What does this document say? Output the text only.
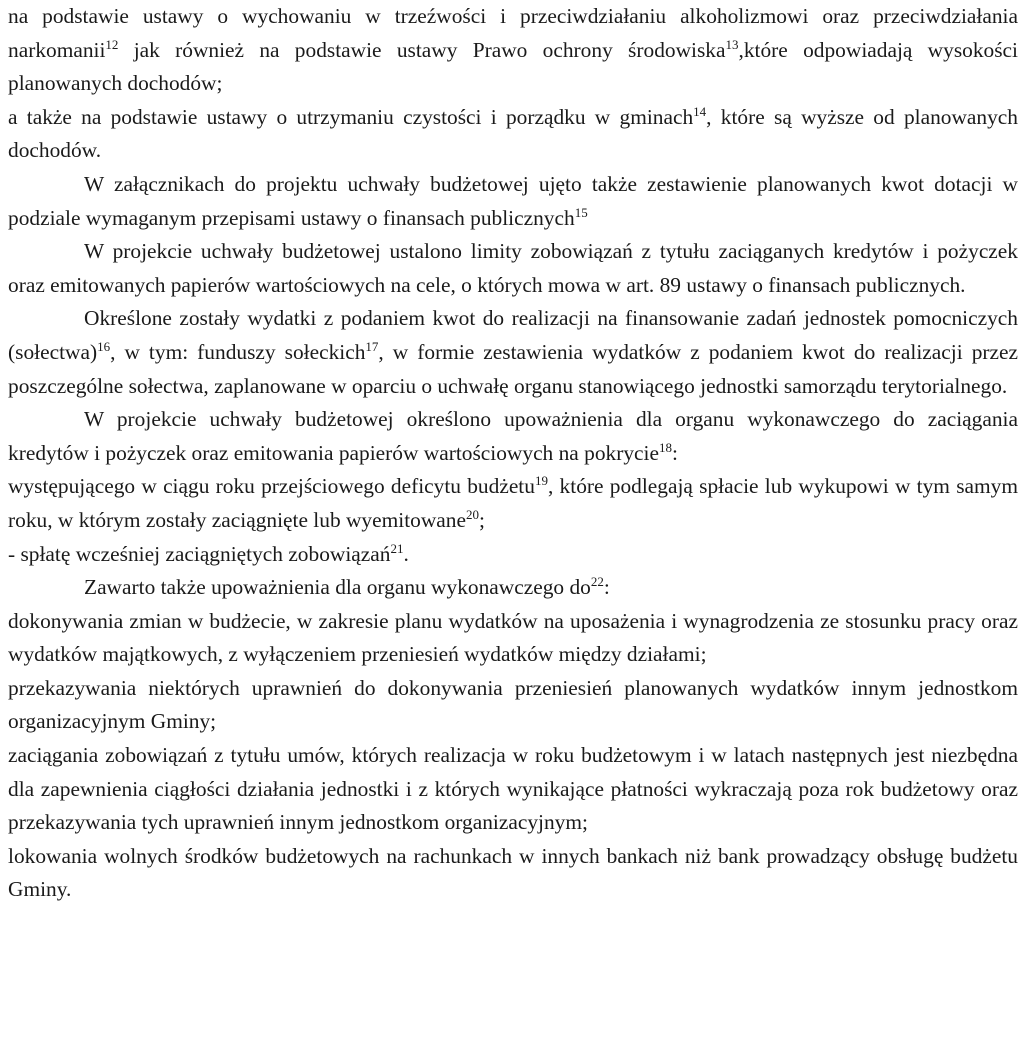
na podstawie ustawy o wychowaniu w trzeźwości i przeciwdziałaniu alkoholizmowi oraz przeciwdziałania narkomanii$^{12}$ jak również na podstawie ustawy Prawo ochrony środowiska$^{13}$,które odpowiadają wysokości planowanych dochodów;

a także na podstawie ustawy o utrzymaniu czystości i porządku w gminach$^{14}$, które są wyższe od planowanych dochodów.

W załącznikach do projektu uchwały budżetowej ujęto także zestawienie planowanych kwot dotacji w podziale wymaganym przepisami ustawy o finansach publicznych$^{15}$

W projekcie uchwały budżetowej ustalono limity zobowiązań z tytułu zaciąganych kredytów i pożyczek oraz emitowanych papierów wartościowych na cele, o których mowa w art. 89 ustawy o finansach publicznych.

Określone zostały wydatki z podaniem kwot do realizacji na finansowanie zadań jednostek pomocniczych (sołectwa)$^{16}$, w tym: funduszy sołeckich$^{17}$, w formie zestawienia wydatków z podaniem kwot do realizacji przez poszczególne sołectwa, zaplanowane w oparciu o uchwałę organu stanowiącego jednostki samorządu terytorialnego.

W projekcie uchwały budżetowej określono upoważnienia dla organu wykonawczego do zaciągania kredytów i pożyczek oraz emitowania papierów wartościowych na pokrycie$^{18}$:

występującego w ciągu roku przejściowego deficytu budżetu$^{19}$, które podlegają spłacie lub wykupowi w tym samym roku, w którym zostały zaciągnięte lub wyemitowane$^{20}$;

- spłatę wcześniej zaciągniętych zobowiązań$^{21}$.

Zawarto także upoważnienia dla organu wykonawczego $do^{22}$:

dokonywania zmian w budżecie, w zakresie planu wydatków na uposażenia i wynagrodzenia ze stosunku pracy oraz wydatków majątkowych, z wyłączeniem przeniesień wydatków między działami;

przekazywania niektórych uprawnień do dokonywania przeniesień planowanych wydatków innym jednostkom organizacyjnym Gminy;

zaciągania zobowiązań z tytułu umów, których realizacja w roku budżetowym i w latach następnych jest niezbędna dla zapewnienia ciągłości działania jednostki i z których wynikające płatności wykraczają poza rok budżetowy oraz przekazywania tych uprawnień innym jednostkom organizacyjnym;

lokowania wolnych środków budżetowych na rachunkach w innych bankach niż bank prowadzący obsługę budżetu Gminy.
